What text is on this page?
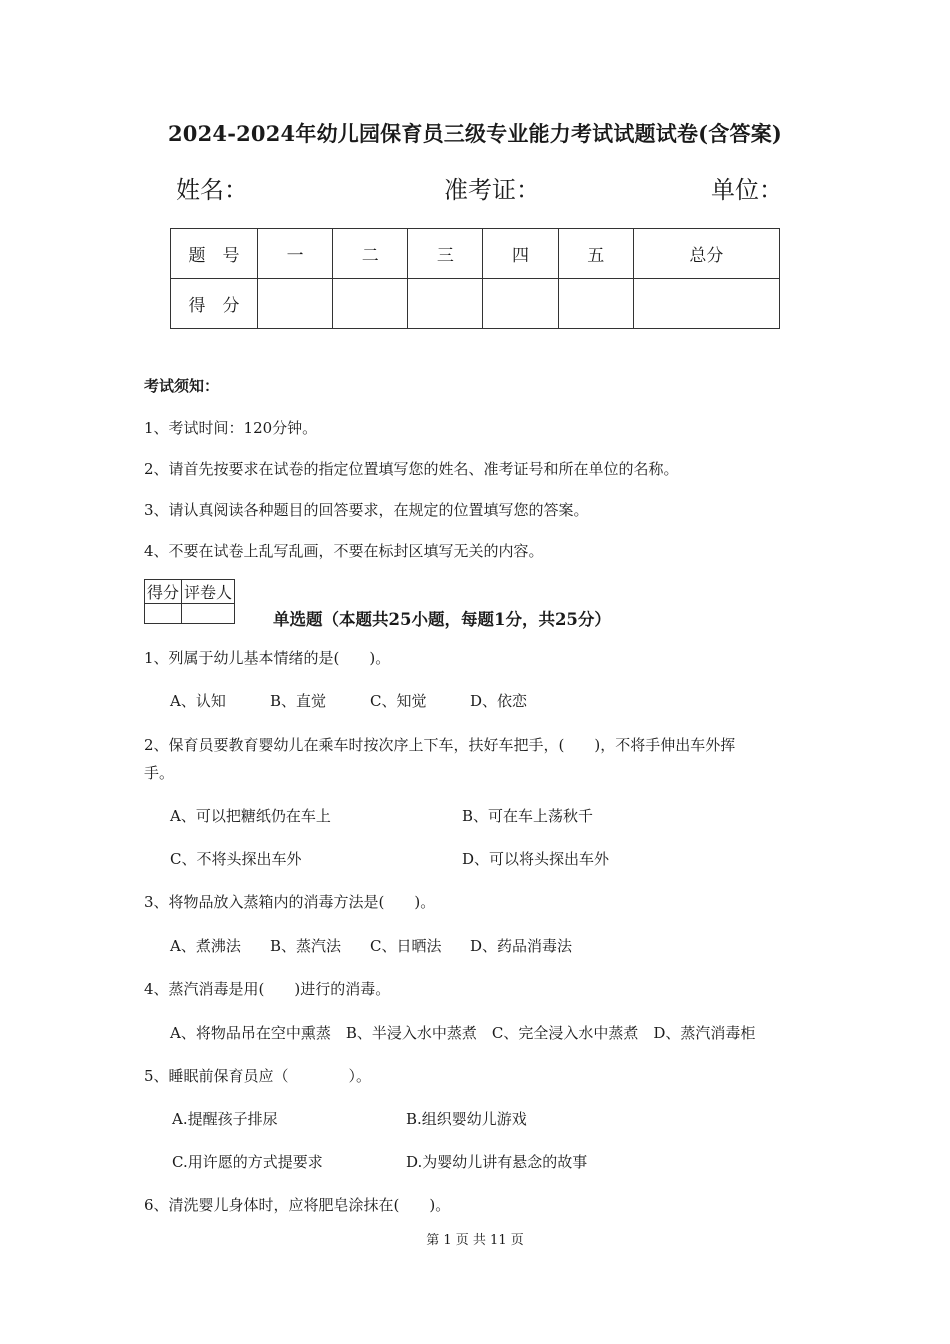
2024-2024年幼儿园保育员三级专业能力考试试题试卷(含答案)
姓名：	准考证：	单位：
题　号	一	二	三	四	五	总分
得　分						
考试须知：
1、考试时间：120分钟。
2、请首先按要求在试卷的指定位置填写您的姓名、准考证号和所在单位的名称。
3、请认真阅读各种题目的回答要求，在规定的位置填写您的答案。
4、不要在试卷上乱写乱画，不要在标封区填写无关的内容。
得分	评卷人

单选题（本题共25小题，每题1分，共25分）
1、列属于幼儿基本情绪的是(　　)。
A、认知	B、直觉	C、知觉	D、依恋
2、保育员要教育婴幼儿在乘车时按次序上下车，扶好车把手，(　　)，不将手伸出车外挥
手。
A、可以把糖纸仍在车上	B、可在车上荡秋千
C、不将头探出车外	D、可以将头探出车外
3、将物品放入蒸箱内的消毒方法是(　　)。
A、煮沸法 B、蒸汽法 C、日晒法 D、药品消毒法
4、蒸汽消毒是用(　　)进行的消毒。
A、将物品吊在空中熏蒸　B、半浸入水中蒸煮　C、完全浸入水中蒸煮　D、蒸汽消毒柜
5、睡眠前保育员应（　　　　）。
A.提醒孩子排尿	B.组织婴幼儿游戏
C.用许愿的方式提要求	D.为婴幼儿讲有悬念的故事
6、清洗婴儿身体时，应将肥皂涂抹在(　　)。
第 1 页 共 11 页
